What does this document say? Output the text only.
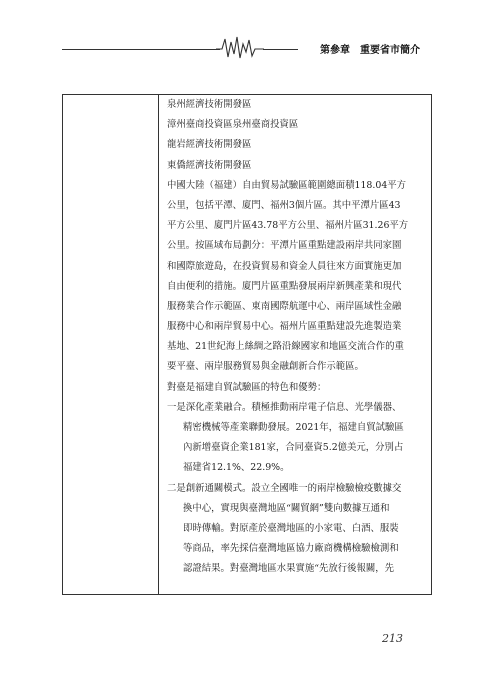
第參章　重要省市簡介
泉州經濟技術開發區
漳州臺商投資區泉州臺商投資區
龍岩經濟技術開發區
東僑經濟技術開發區
中國大陸（福建）自由貿易試驗區範圍總面積118.04平方
公里，包括平潭、廈門、福州3個片區。其中平潭片區43
平方公里、廈門片區43.78平方公里、福州片區31.26平方
公里。按區域布局劃分：平潭片區重點建設兩岸共同家園
和國際旅遊島，在投資貿易和資金人員往來方面實施更加
自由便利的措施。廈門片區重點發展兩岸新興產業和現代
服務業合作示範區、東南國際航運中心、兩岸區域性金融
服務中心和兩岸貿易中心。福州片區重點建設先進製造業
基地、21世紀海上絲綢之路沿線國家和地區交流合作的重
要平臺、兩岸服務貿易與金融創新合作示範區。
對臺是福建自貿試驗區的特色和優勢：
一是深化產業融合。積極推動兩岸電子信息、光學儀器、
精密機械等產業聯動發展。2021年，福建自貿試驗區
內新增臺資企業181家，合同臺資5.2億美元，分別占
福建省12.1%、22.9%。
二是創新通關模式。設立全國唯一的兩岸檢驗檢疫數據交
換中心，實現與臺灣地區“關貿網”雙向數據互通和
即時傳輸。對原產於臺灣地區的小家電、白酒、服裝
等商品，率先採信臺灣地區協力廠商機構檢驗檢測和
認證結果。對臺灣地區水果實施“先放行後報關，先
213
